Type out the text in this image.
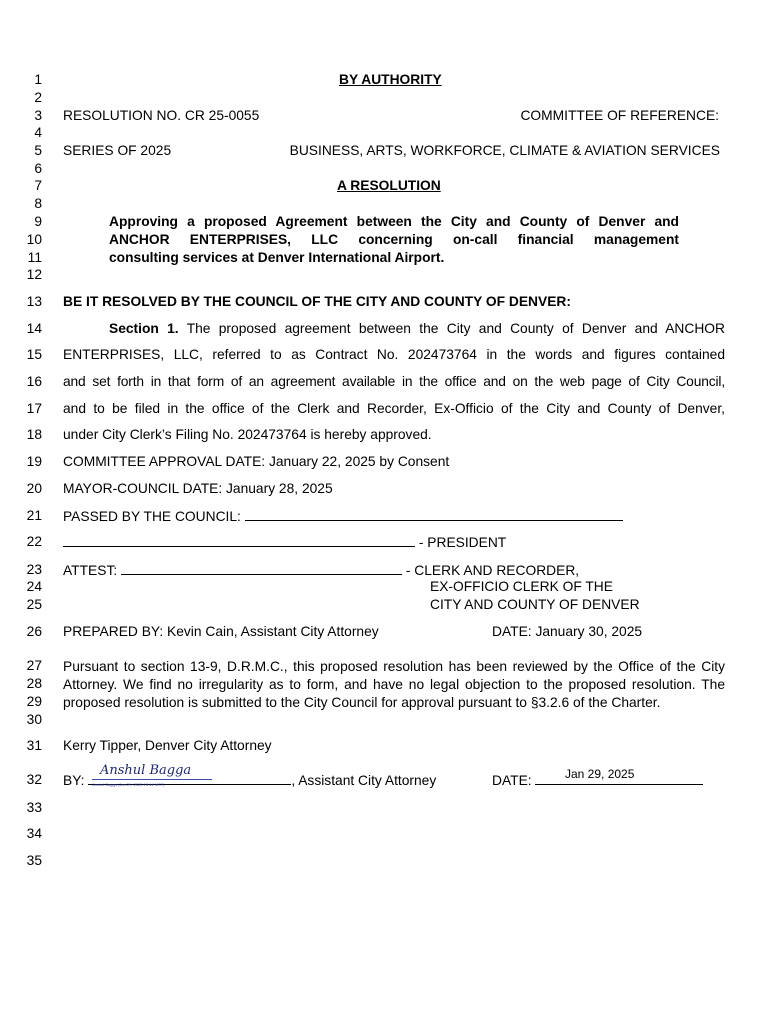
1
2
3
4
5
6
7
8
9
10
11
12
13
14
15
16
17
18
19
20
21
22
23
24
25
26
27
28
29
30
31
32
33
34
35
BY AUTHORITY
RESOLUTION NO. CR 25-0055	COMMITTEE OF REFERENCE:
SERIES OF 2025	BUSINESS, ARTS, WORKFORCE, CLIMATE & AVIATION SERVICES
A RESOLUTION
Approving a proposed Agreement between the City and County of Denver and
ANCHOR ENTERPRISES, LLC concerning on-call financial management
consulting services at Denver International Airport.
BE IT RESOLVED BY THE COUNCIL OF THE CITY AND COUNTY OF DENVER:
Section 1. The proposed agreement between the City and County of Denver and ANCHOR
ENTERPRISES, LLC, referred to as Contract No. 202473764 in the words and figures contained
and set forth in that form of an agreement available in the office and on the web page of City Council,
and to be filed in the office of the Clerk and Recorder, Ex-Officio of the City and County of Denver,
under City Clerk’s Filing No. 202473764 is hereby approved.
COMMITTEE APPROVAL DATE: January 22, 2025 by Consent
MAYOR-COUNCIL DATE: January 28, 2025
PASSED BY THE COUNCIL:
- PRESIDENT
ATTEST:	- CLERK AND RECORDER,
EX-OFFICIO CLERK OF THE
CITY AND COUNTY OF DENVER
PREPARED BY: Kevin Cain, Assistant City Attorney	DATE: January 30, 2025
Pursuant to section 13-9, D.R.M.C., this proposed resolution has been reviewed by the Office of the City Attorney. We find no irregularity as to form, and have no legal objection to the proposed resolution. The proposed resolution is submitted to the City Council for approval pursuant to §3.2.6 of the Charter.
Kerry Tipper, Denver City Attorney
BY:	, Assistant City Attorney
Anshul Bagga
Anshul Bagga (Jan 29, 2025 15:14 MST)	DATE:	Jan 29, 2025
